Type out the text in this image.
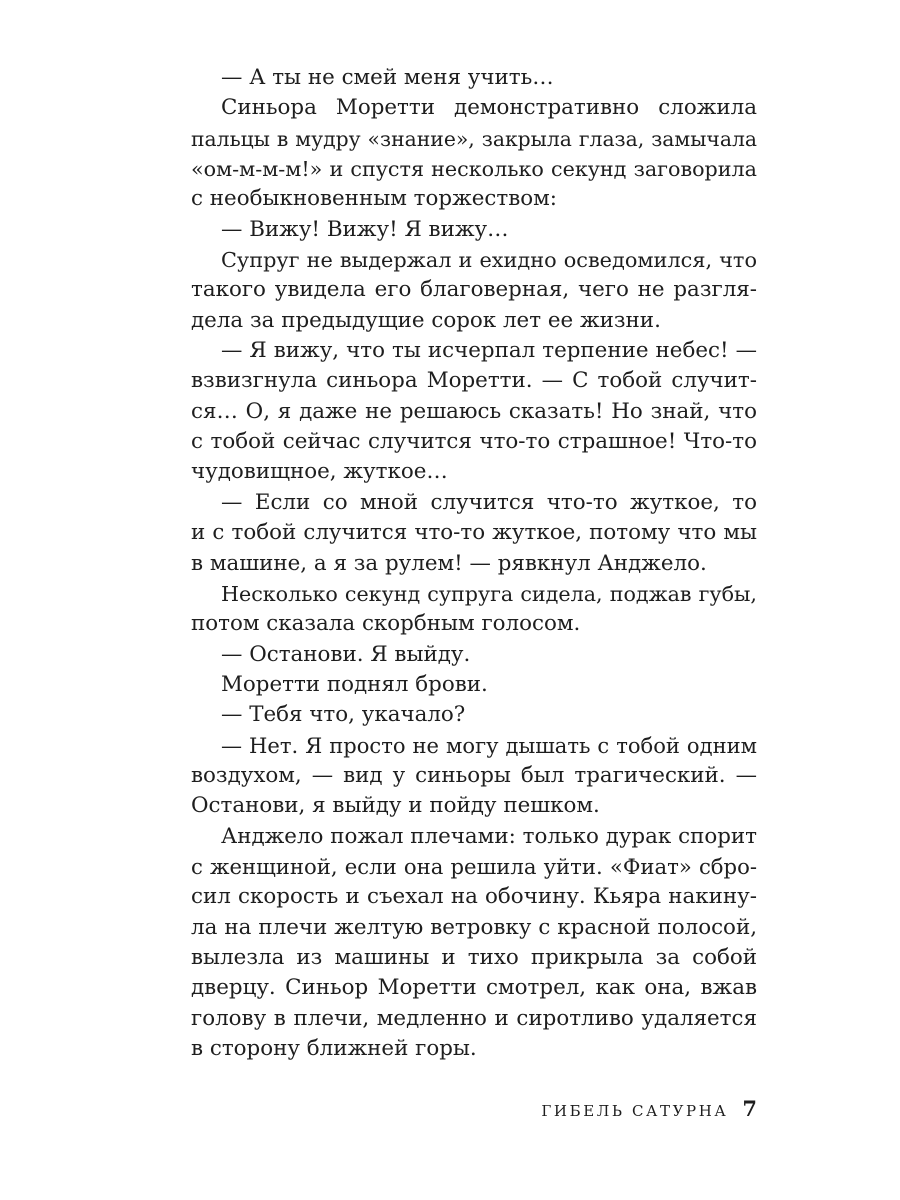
— А ты не смей меня учить…
Синьора Моретти демонстративно сложила
пальцы в мудру «знание», закрыла глаза, замычала
«ом-м-м-м!» и спустя несколько секунд заговорила
с необыкновенным торжеством:
— Вижу! Вижу! Я вижу…
Супруг не выдержал и ехидно осведомился, что
такого увидела его благоверная, чего не разгля-
дела за предыдущие сорок лет ее жизни.
— Я вижу, что ты исчерпал терпение небес! —
взвизгнула синьора Моретти. — С тобой случит-
ся… О, я даже не решаюсь сказать! Но знай, что
с тобой сейчас случится что-то страшное! Что-то
чудовищное, жуткое…
— Если со мной случится что-то жуткое, то
и с тобой случится что-то жуткое, потому что мы
в машине, а я за рулем! — рявкнул Анджело.
Несколько секунд супруга сидела, поджав губы,
потом сказала скорбным голосом.
— Останови. Я выйду.
Моретти поднял брови.
— Тебя что, укачало?
— Нет. Я просто не могу дышать с тобой одним
воздухом, — вид у синьоры был трагический. —
Останови, я выйду и пойду пешком.
Анджело пожал плечами: только дурак спорит
с женщиной, если она решила уйти. «Фиат» сбро-
сил скорость и съехал на обочину. Кьяра накину-
ла на плечи желтую ветровку с красной полосой,
вылезла из машины и тихо прикрыла за собой
дверцу. Синьор Моретти смотрел, как она, вжав
голову в плечи, медленно и сиротливо удаляется
в сторону ближней горы.
ГИБЕЛЬ САТУРНА 7
